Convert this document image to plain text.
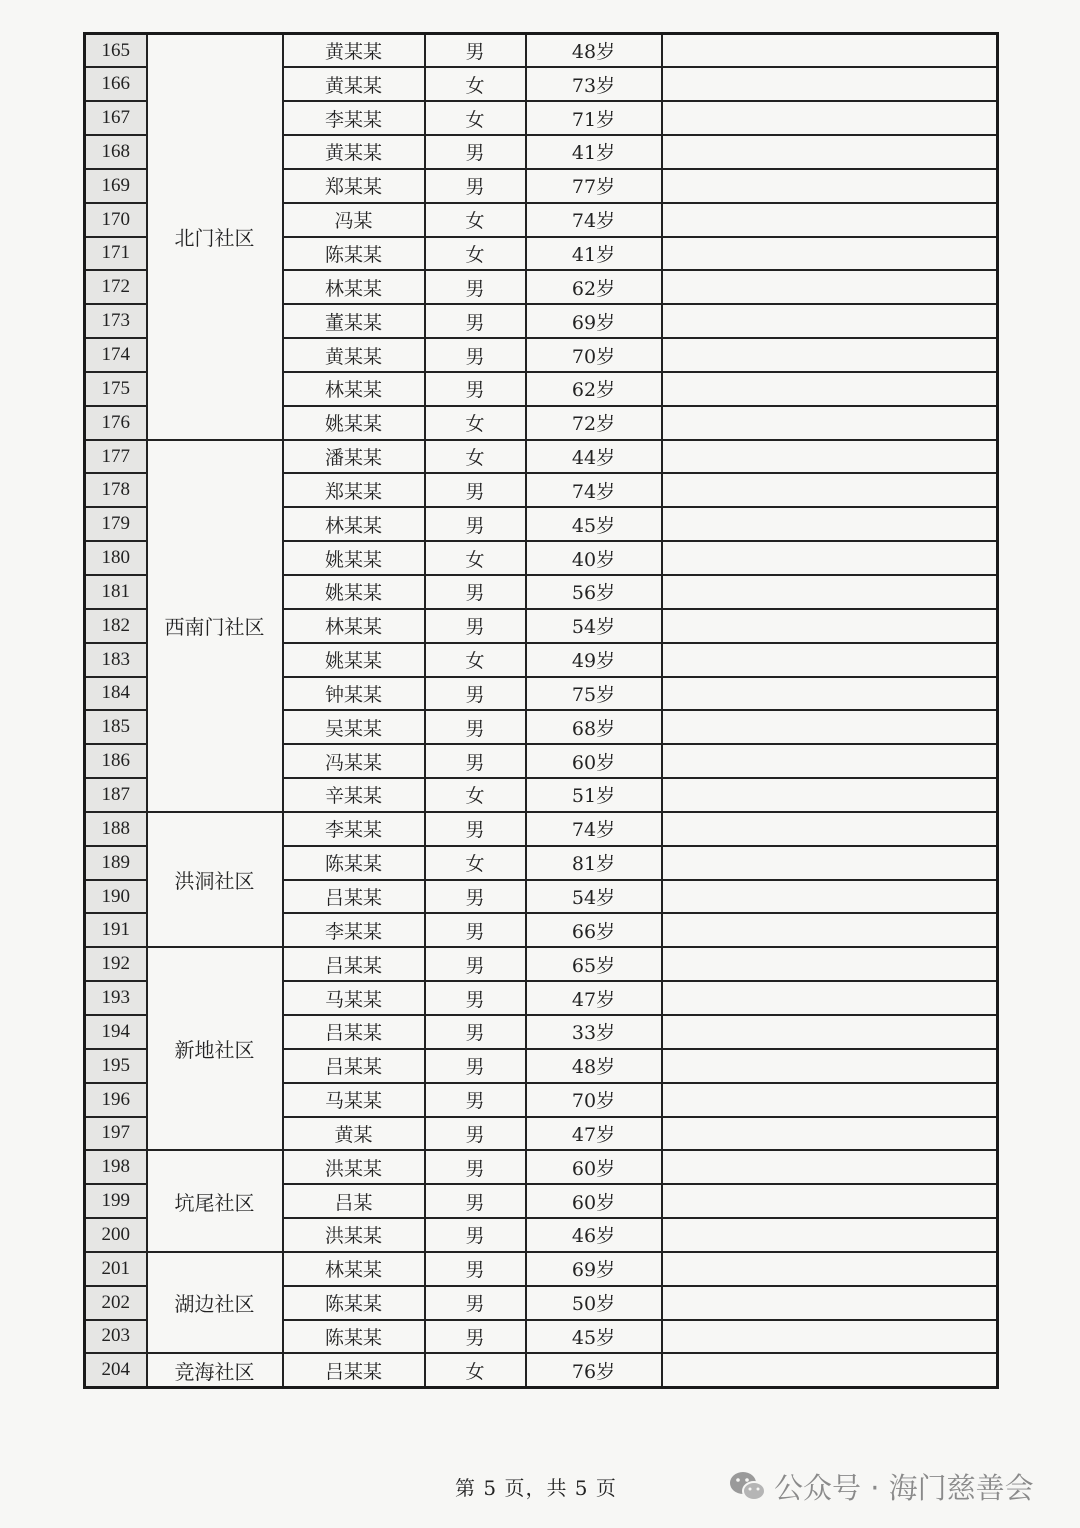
165	北门社区	黄某某	男	48岁	
166		黄某某	女	73岁	
167		李某某	女	71岁	
168		黄某某	男	41岁	
169		郑某某	男	77岁	
170		冯某	女	74岁	
171		陈某某	女	41岁	
172		林某某	男	62岁	
173		董某某	男	69岁	
174		黄某某	男	70岁	
175		林某某	男	62岁	
176		姚某某	女	72岁	
177	西南门社区	潘某某	女	44岁	
178		郑某某	男	74岁	
179		林某某	男	45岁	
180		姚某某	女	40岁	
181		姚某某	男	56岁	
182		林某某	男	54岁	
183		姚某某	女	49岁	
184		钟某某	男	75岁	
185		吴某某	男	68岁	
186		冯某某	男	60岁	
187		辛某某	女	51岁	
188	洪洞社区	李某某	男	74岁	
189		陈某某	女	81岁	
190		吕某某	男	54岁	
191		李某某	男	66岁	
192	新地社区	吕某某	男	65岁	
193		马某某	男	47岁	
194		吕某某	男	33岁	
195		吕某某	男	48岁	
196		马某某	男	70岁	
197		黄某	男	47岁	
198	坑尾社区	洪某某	男	60岁	
199		吕某	男	60岁	
200		洪某某	男	46岁	
201	湖边社区	林某某	男	69岁	
202		陈某某	男	50岁	
203		陈某某	男	45岁	
204	竞海社区	吕某某	女	76岁	
第 5 页，共 5 页	公众号 · 海门慈善会
